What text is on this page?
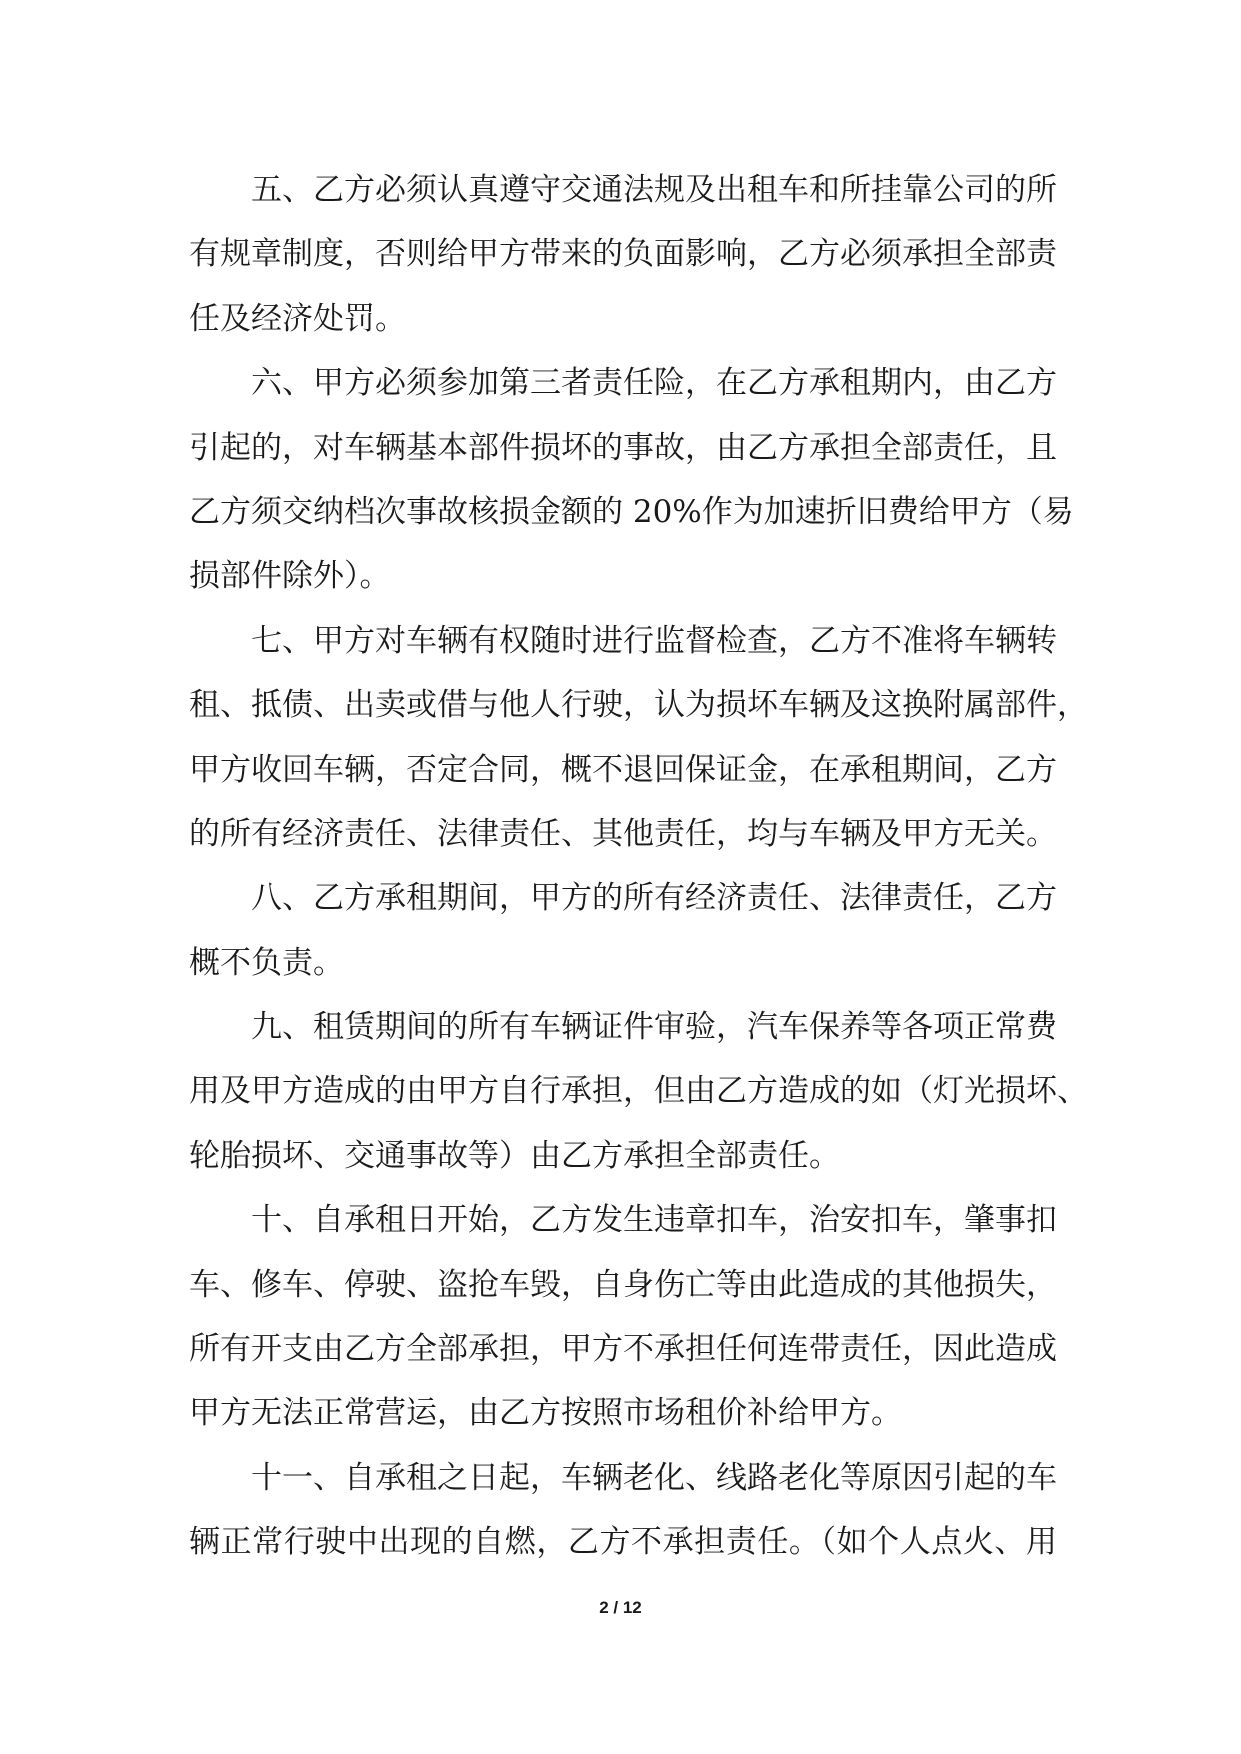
五、乙方必须认真遵守交通法规及出租车和所挂靠公司的所
有规章制度，否则给甲方带来的负面影响，乙方必须承担全部责
任及经济处罚。
六、甲方必须参加第三者责任险，在乙方承租期内，由乙方
引起的，对车辆基本部件损坏的事故，由乙方承担全部责任，且
乙方须交纳档次事故核损金额的 20%作为加速折旧费给甲方（易
损部件除外）。
七、甲方对车辆有权随时进行监督检查，乙方不准将车辆转
租、抵债、出卖或借与他人行驶，认为损坏车辆及这换附属部件，
甲方收回车辆，否定合同，概不退回保证金，在承租期间，乙方
的所有经济责任、法律责任、其他责任，均与车辆及甲方无关。
八、乙方承租期间，甲方的所有经济责任、法律责任，乙方
概不负责。
九、租赁期间的所有车辆证件审验，汽车保养等各项正常费
用及甲方造成的由甲方自行承担，但由乙方造成的如（灯光损坏、
轮胎损坏、交通事故等）由乙方承担全部责任。
十、自承租日开始，乙方发生违章扣车，治安扣车，肇事扣
车、修车、停驶、盗抢车毁，自身伤亡等由此造成的其他损失，
所有开支由乙方全部承担，甲方不承担任何连带责任，因此造成
甲方无法正常营运，由乙方按照市场租价补给甲方。
十一、自承租之日起，车辆老化、线路老化等原因引起的车
辆正常行驶中出现的自燃，乙方不承担责任。（如个人点火、用
2 / 12
